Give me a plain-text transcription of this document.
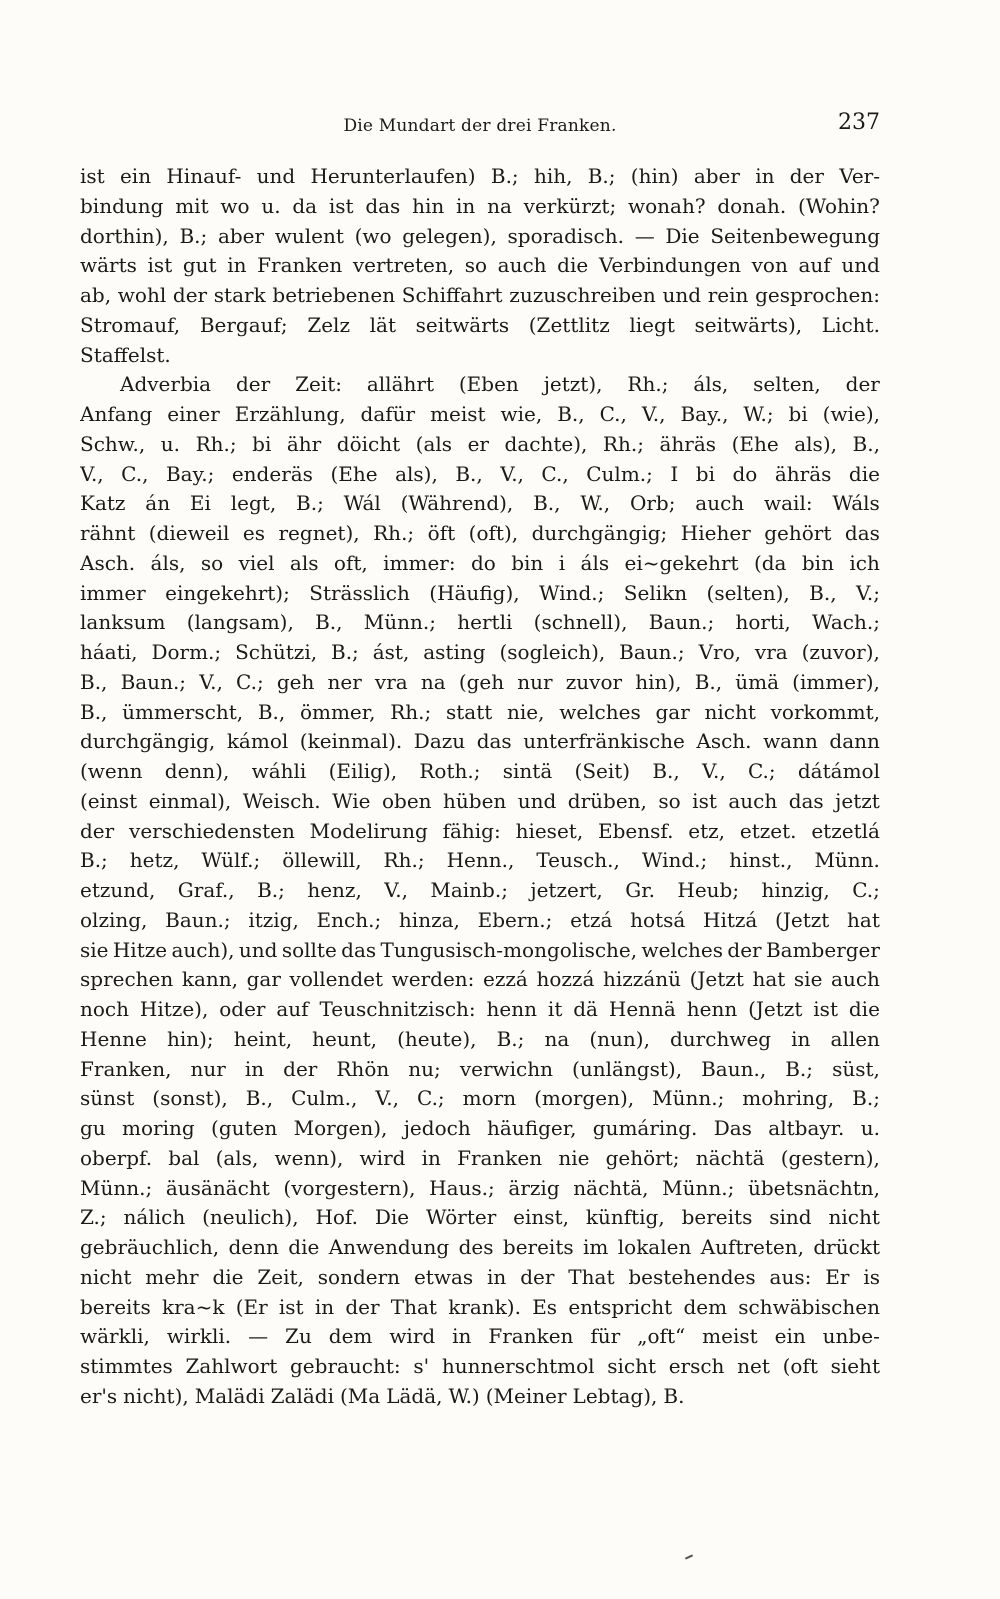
Die Mundart der drei Franken.	237
ist ein Hinauf- und Herunterlaufen) B.; hih, B.; (hin) aber in der Ver-
bindung mit wo u. da ist das hin in na verkürzt; wonah? donah. (Wohin?
dorthin), B.; aber wulent (wo gelegen), sporadisch. — Die Seitenbewegung
wärts ist gut in Franken vertreten, so auch die Verbindungen von auf und
ab, wohl der stark betriebenen Schiffahrt zuzuschreiben und rein gesprochen:
Stromauf, Bergauf; Zelz lät seitwärts (Zettlitz liegt seitwärts), Licht.
Staffelst.
Adverbia der Zeit: allährt (Eben jetzt), Rh.; áls, selten, der
Anfang einer Erzählung, dafür meist wie, B., C., V., Bay., W.; bi (wie),
Schw., u. Rh.; bi ähr döicht (als er dachte), Rh.; ähräs (Ehe als), B.,
V., C., Bay.; enderäs (Ehe als), B., V., C., Culm.; I bi do ähräs die
Katz án Ei legt, B.; Wál (Während), B., W., Orb; auch wail: Wáls
rähnt (dieweil es regnet), Rh.; öft (oft), durchgängig; Hieher gehört das
Asch. áls, so viel als oft, immer: do bin i áls ei~gekehrt (da bin ich
immer eingekehrt); Strässlich (Häufig), Wind.; Selikn (selten), B., V.;
lanksum (langsam), B., Münn.; hertli (schnell), Baun.; horti, Wach.;
háati, Dorm.; Schützi, B.; ást, asting (sogleich), Baun.; Vro, vra (zuvor),
B., Baun.; V., C.; geh ner vra na (geh nur zuvor hin), B., ümä (immer),
B., ümmerscht, B., ömmer, Rh.; statt nie, welches gar nicht vorkommt,
durchgängig, kámol (keinmal). Dazu das unterfränkische Asch. wann dann
(wenn denn), wáhli (Eilig), Roth.; sintä (Seit) B., V., C.; dátámol
(einst einmal), Weisch. Wie oben hüben und drüben, so ist auch das jetzt
der verschiedensten Modelirung fähig: hieset, Ebensf. etz, etzet. etzetlá
B.; hetz, Wülf.; öllewill, Rh.; Henn., Teusch., Wind.; hinst., Münn.
etzund, Graf., B.; henz, V., Mainb.; jetzert, Gr. Heub; hinzig, C.;
olzing, Baun.; itzig, Ench.; hinza, Ebern.; etzá hotsá Hitzá (Jetzt hat
sie Hitze auch), und sollte das Tungusisch-mongolische, welches der Bamberger
sprechen kann, gar vollendet werden: ezzá hozzá hizzánü (Jetzt hat sie auch
noch Hitze), oder auf Teuschnitzisch: henn it dä Hennä henn (Jetzt ist die
Henne hin); heint, heunt, (heute), B.; na (nun), durchweg in allen
Franken, nur in der Rhön nu; verwichn (unlängst), Baun., B.; süst,
sünst (sonst), B., Culm., V., C.; morn (morgen), Münn.; mohring, B.;
gu moring (guten Morgen), jedoch häufiger, gumáring. Das altbayr. u.
oberpf. bal (als, wenn), wird in Franken nie gehört; nächtä (gestern),
Münn.; äusänächt (vorgestern), Haus.; ärzig nächtä, Münn.; übetsnächtn,
Z.; nálich (neulich), Hof. Die Wörter einst, künftig, bereits sind nicht
gebräuchlich, denn die Anwendung des bereits im lokalen Auftreten, drückt
nicht mehr die Zeit, sondern etwas in der That bestehendes aus: Er is
bereits kra~k (Er ist in der That krank). Es entspricht dem schwäbischen
wärkli, wirkli. — Zu dem wird in Franken für „oft“ meist ein unbe-
stimmtes Zahlwort gebraucht: s' hunnerschtmol sicht ersch net (oft sieht
er's nicht), Malädi Zalädi (Ma Lädä, W.) (Meiner Lebtag), B.
